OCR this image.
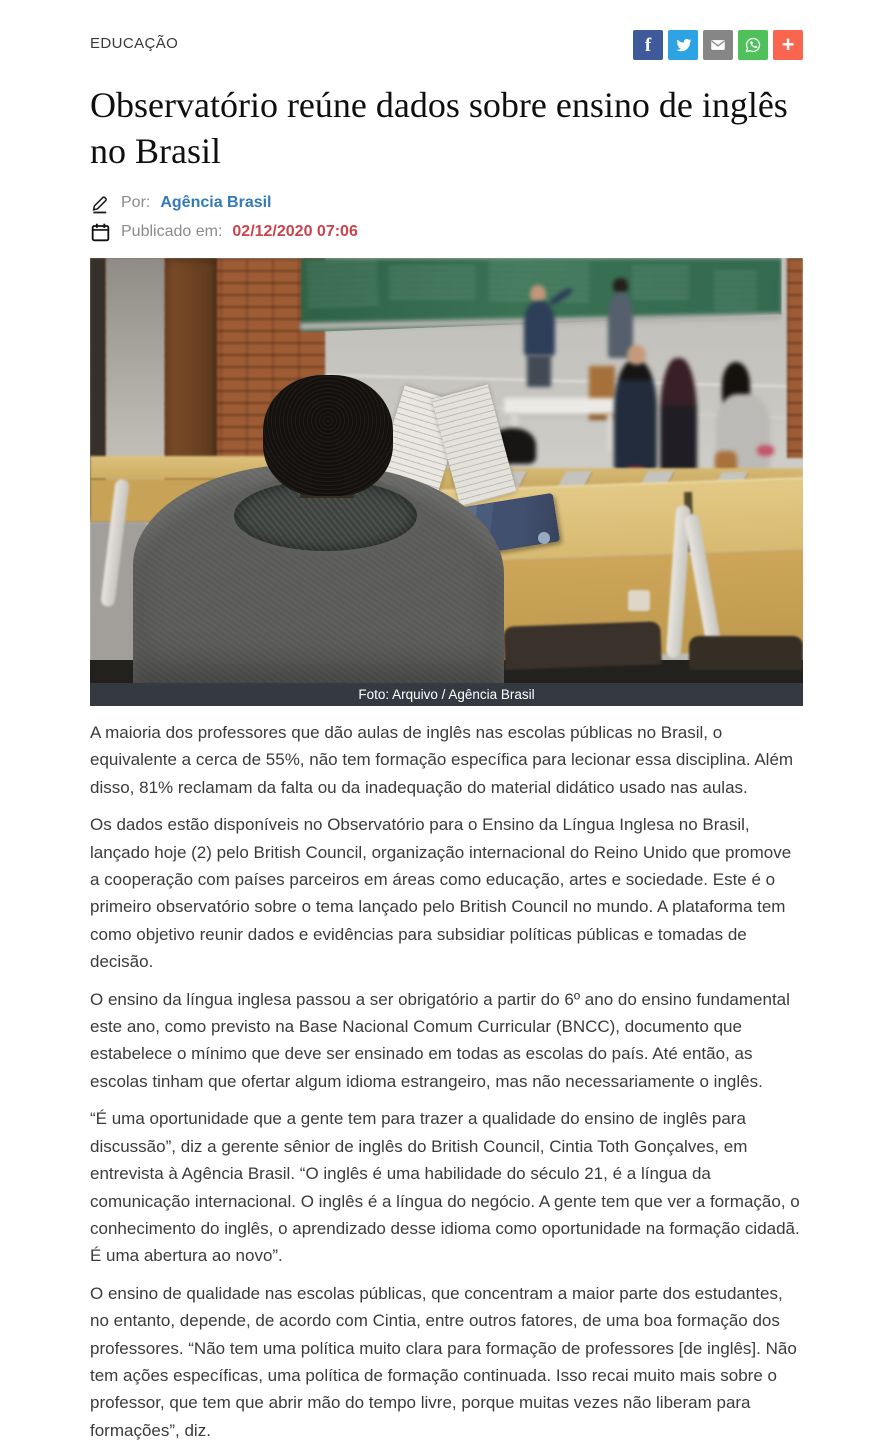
EDUCAÇÃO	f	+
Observatório reúne dados sobre ensino de inglês no Brasil
Por: Agência Brasil
Publicado em: 02/12/2020 07:06
Foto: Arquivo / Agência Brasil

A maioria dos professores que dão aulas de inglês nas escolas públicas no Brasil, o equivalente a cerca de 55%, não tem formação específica para lecionar essa disciplina. Além disso, 81% reclamam da falta ou da inadequação do material didático usado nas aulas.

Os dados estão disponíveis no Observatório para o Ensino da Língua Inglesa no Brasil, lançado hoje (2) pelo British Council, organização internacional do Reino Unido que promove a cooperação com países parceiros em áreas como educação, artes e sociedade. Este é o primeiro observatório sobre o tema lançado pelo British Council no mundo. A plataforma tem como objetivo reunir dados e evidências para subsidiar políticas públicas e tomadas de decisão.

O ensino da língua inglesa passou a ser obrigatório a partir do 6º ano do ensino fundamental este ano, como previsto na Base Nacional Comum Curricular (BNCC), documento que estabelece o mínimo que deve ser ensinado em todas as escolas do país. Até então, as escolas tinham que ofertar algum idioma estrangeiro, mas não necessariamente o inglês.

“É uma oportunidade que a gente tem para trazer a qualidade do ensino de inglês para discussão”, diz a gerente sênior de inglês do British Council, Cintia Toth Gonçalves, em entrevista à Agência Brasil. “O inglês é uma habilidade do século 21, é a língua da comunicação internacional. O inglês é a língua do negócio. A gente tem que ver a formação, o conhecimento do inglês, o aprendizado desse idioma como oportunidade na formação cidadã. É uma abertura ao novo”.

O ensino de qualidade nas escolas públicas, que concentram a maior parte dos estudantes, no entanto, depende, de acordo com Cintia, entre outros fatores, de uma boa formação dos professores. “Não tem uma política muito clara para formação de professores [de inglês]. Não tem ações específicas, uma política de formação continuada. Isso recai muito mais sobre o professor, que tem que abrir mão do tempo livre, porque muitas vezes não liberam para formações”, diz.
